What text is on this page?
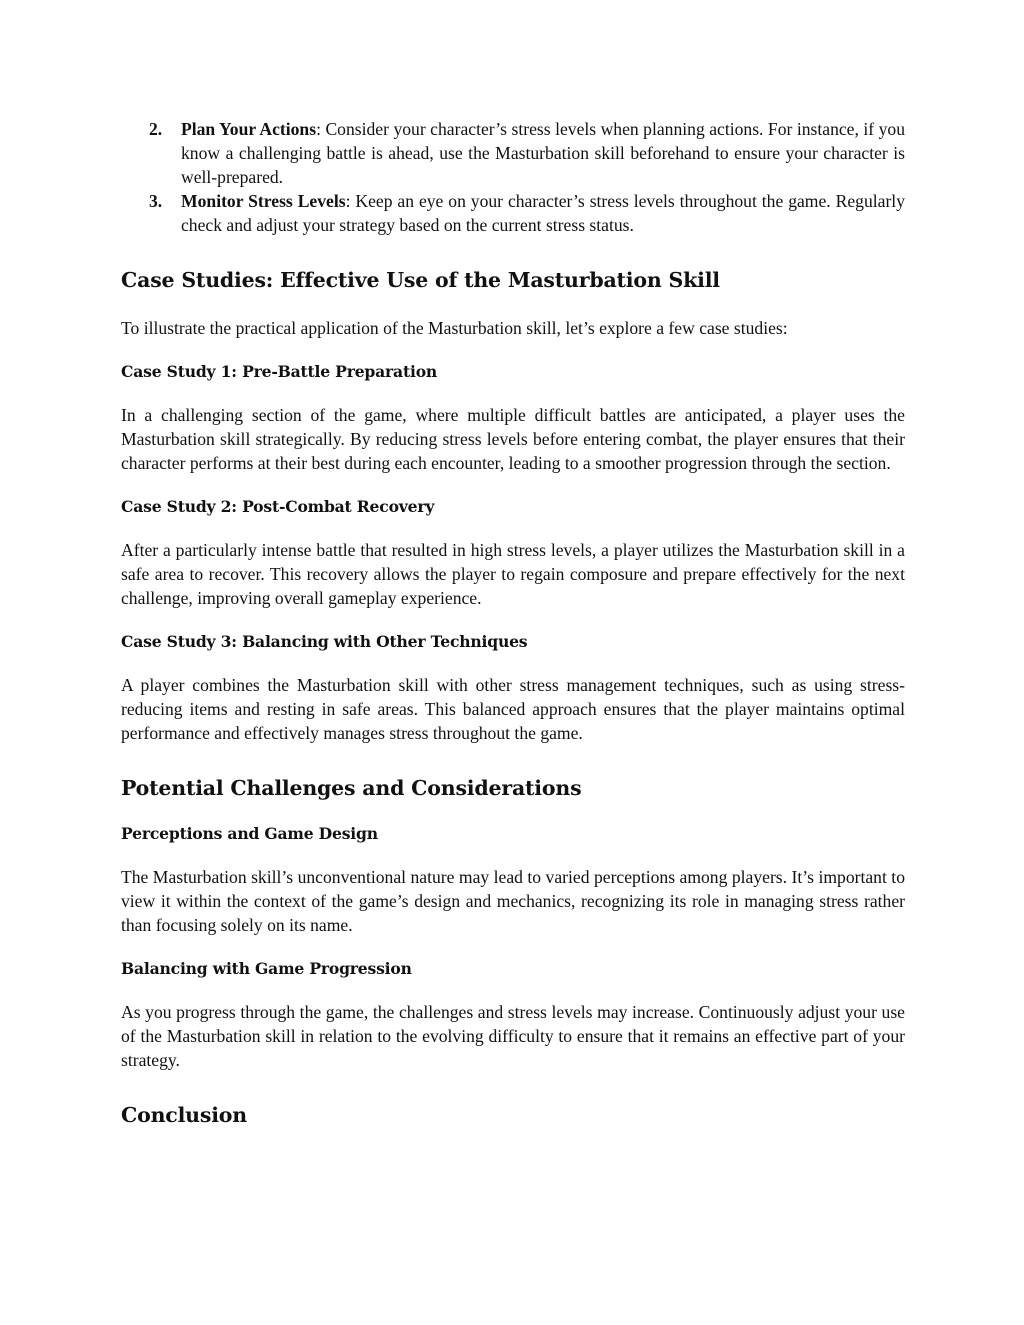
2. Plan Your Actions: Consider your character’s stress levels when planning actions. For instance, if you know a challenging battle is ahead, use the Masturbation skill beforehand to ensure your character is well-prepared.
3. Monitor Stress Levels: Keep an eye on your character’s stress levels throughout the game. Regularly check and adjust your strategy based on the current stress status.
Case Studies: Effective Use of the Masturbation Skill

To illustrate the practical application of the Masturbation skill, let’s explore a few case studies:

Case Study 1: Pre-Battle Preparation

In a challenging section of the game, where multiple difficult battles are anticipated, a player uses the Masturbation skill strategically. By reducing stress levels before entering combat, the player ensures that their character performs at their best during each encounter, leading to a smoother progression through the section.

Case Study 2: Post-Combat Recovery

After a particularly intense battle that resulted in high stress levels, a player utilizes the Masturbation skill in a safe area to recover. This recovery allows the player to regain composure and prepare effectively for the next challenge, improving overall gameplay experience.

Case Study 3: Balancing with Other Techniques

A player combines the Masturbation skill with other stress management techniques, such as using stress-reducing items and resting in safe areas. This balanced approach ensures that the player maintains optimal performance and effectively manages stress throughout the game.

Potential Challenges and Considerations
Perceptions and Game Design

The Masturbation skill’s unconventional nature may lead to varied perceptions among players. It’s important to view it within the context of the game’s design and mechanics, recognizing its role in managing stress rather than focusing solely on its name.

Balancing with Game Progression

As you progress through the game, the challenges and stress levels may increase. Continuously adjust your use of the Masturbation skill in relation to the evolving difficulty to ensure that it remains an effective part of your strategy.

Conclusion
